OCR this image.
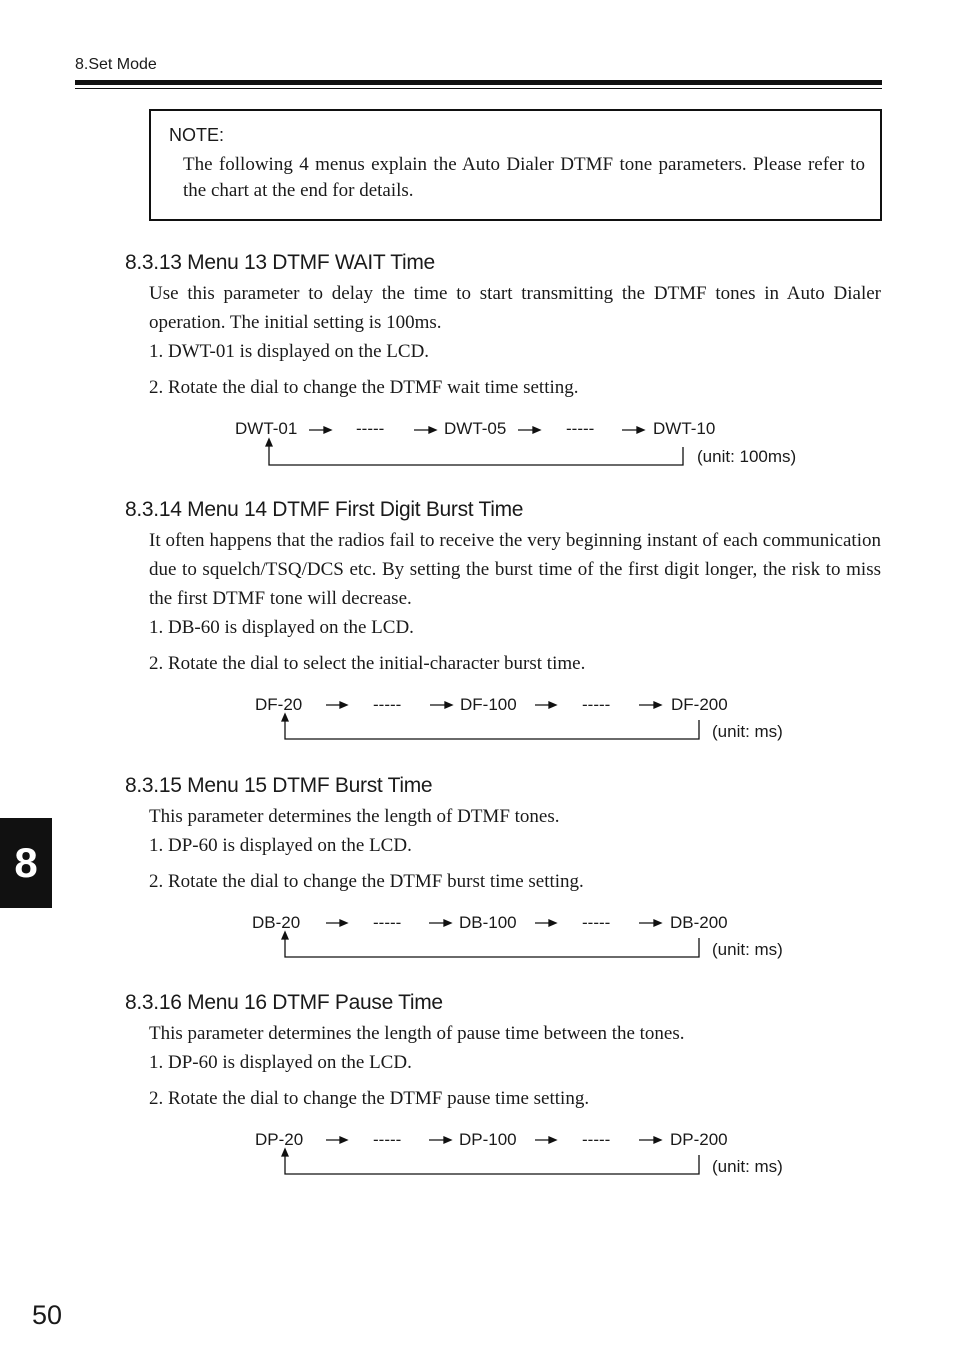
8.Set Mode
NOTE:
The following 4 menus explain the Auto Dialer DTMF tone parameters. Please refer to the chart at the end for details.
8.3.13 Menu 13 DTMF WAIT Time
Use this parameter to delay the time to start transmitting the DTMF tones in Auto Dialer operation. The initial setting is 100ms.
1. DWT-01 is displayed on the LCD.
2. Rotate the dial to change the DTMF wait time setting.
DWT-01	-----	DWT-05	-----	DWT-10
(unit: 100ms)
8.3.14 Menu 14 DTMF First Digit Burst Time
It often happens that the radios fail to receive the very beginning instant of each communication due to squelch/TSQ/DCS etc. By setting the burst time of the first digit longer, the risk to miss the first DTMF tone will decrease.
1. DB-60 is displayed on the LCD.
2. Rotate the dial to select the initial-character burst time.
DF-20	-----	DF-100	-----	DF-200
(unit: ms)
8.3.15 Menu 15 DTMF Burst Time
This parameter determines the length of DTMF tones.
1. DP-60 is displayed on the LCD.
2. Rotate the dial to change the DTMF burst time setting.
DB-20	-----	DB-100	-----	DB-200
(unit: ms)
8.3.16 Menu 16 DTMF Pause Time
This parameter determines the length of pause time between the tones.
1. DP-60 is displayed on the LCD.
2. Rotate the dial to change the DTMF pause time setting.
DP-20	-----	DP-100	-----	DP-200
(unit: ms)
8
50
